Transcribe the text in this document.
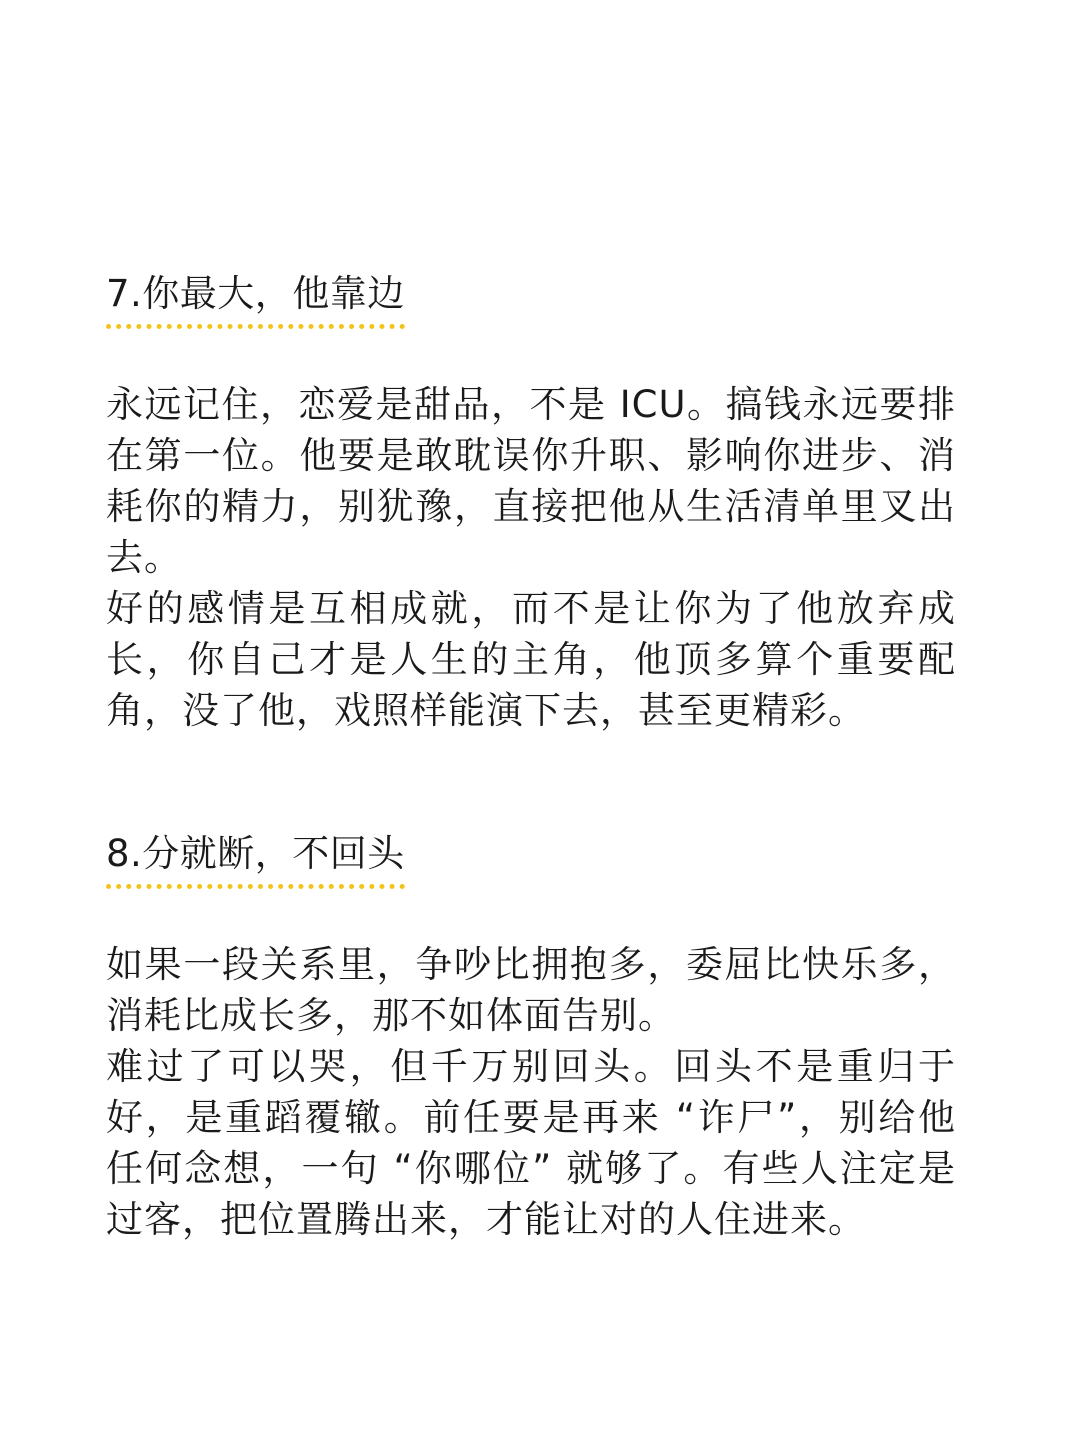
7.你最大，他靠边

永远记住，恋爱是甜品，不是 ICU。搞钱永远要排在第一位。他要是敢耽误你升职、影响你进步、消耗你的精力，别犹豫，直接把他从生活清单里叉出去。

好的感情是互相成就，而不是让你为了他放弃成长，你自己才是人生的主角，他顶多算个重要配角，没了他，戏照样能演下去，甚至更精彩。

8.分就断，不回头

如果一段关系里，争吵比拥抱多，委屈比快乐多，消耗比成长多，那不如体面告别。

难过了可以哭，但千万别回头。回头不是重归于好，是重蹈覆辙。前任要是再来 “诈尸”，别给他任何念想，一句 “你哪位” 就够了。有些人注定是过客，把位置腾出来，才能让对的人住进来。
